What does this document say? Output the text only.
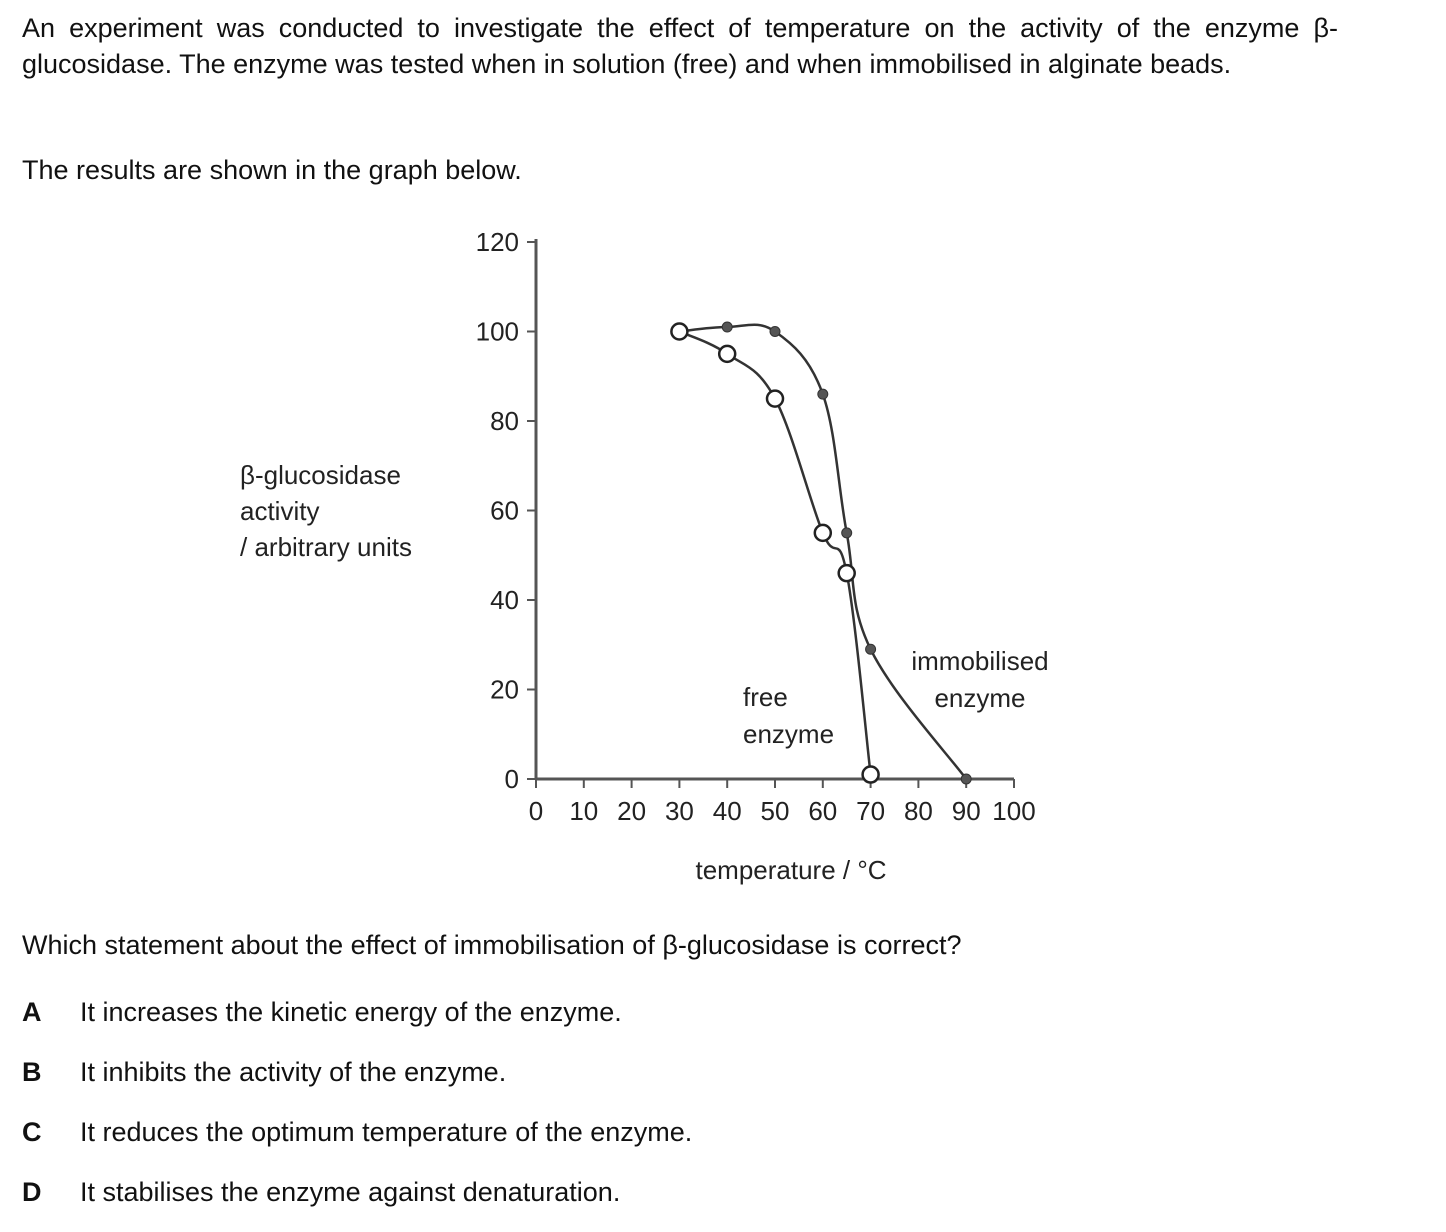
An experiment was conducted to investigate the effect of temperature on the activity of the enzyme β-glucosidase. The enzyme was tested when in solution (free) and when immobilised in alginate beads.

The results are shown in the graph below.

0
20
40
60
80
100
120
0 10 20 30 40 50 60 70 80 90 100
temperature / °C
β-glucosidase
activity
/ arbitrary units
immobilised
enzyme
free
enzyme

Which statement about the effect of immobilisation of β-glucosidase is correct?

A	It increases the kinetic energy of the enzyme.
B	It inhibits the activity of the enzyme.
C	It reduces the optimum temperature of the enzyme.
D	It stabilises the enzyme against denaturation.
